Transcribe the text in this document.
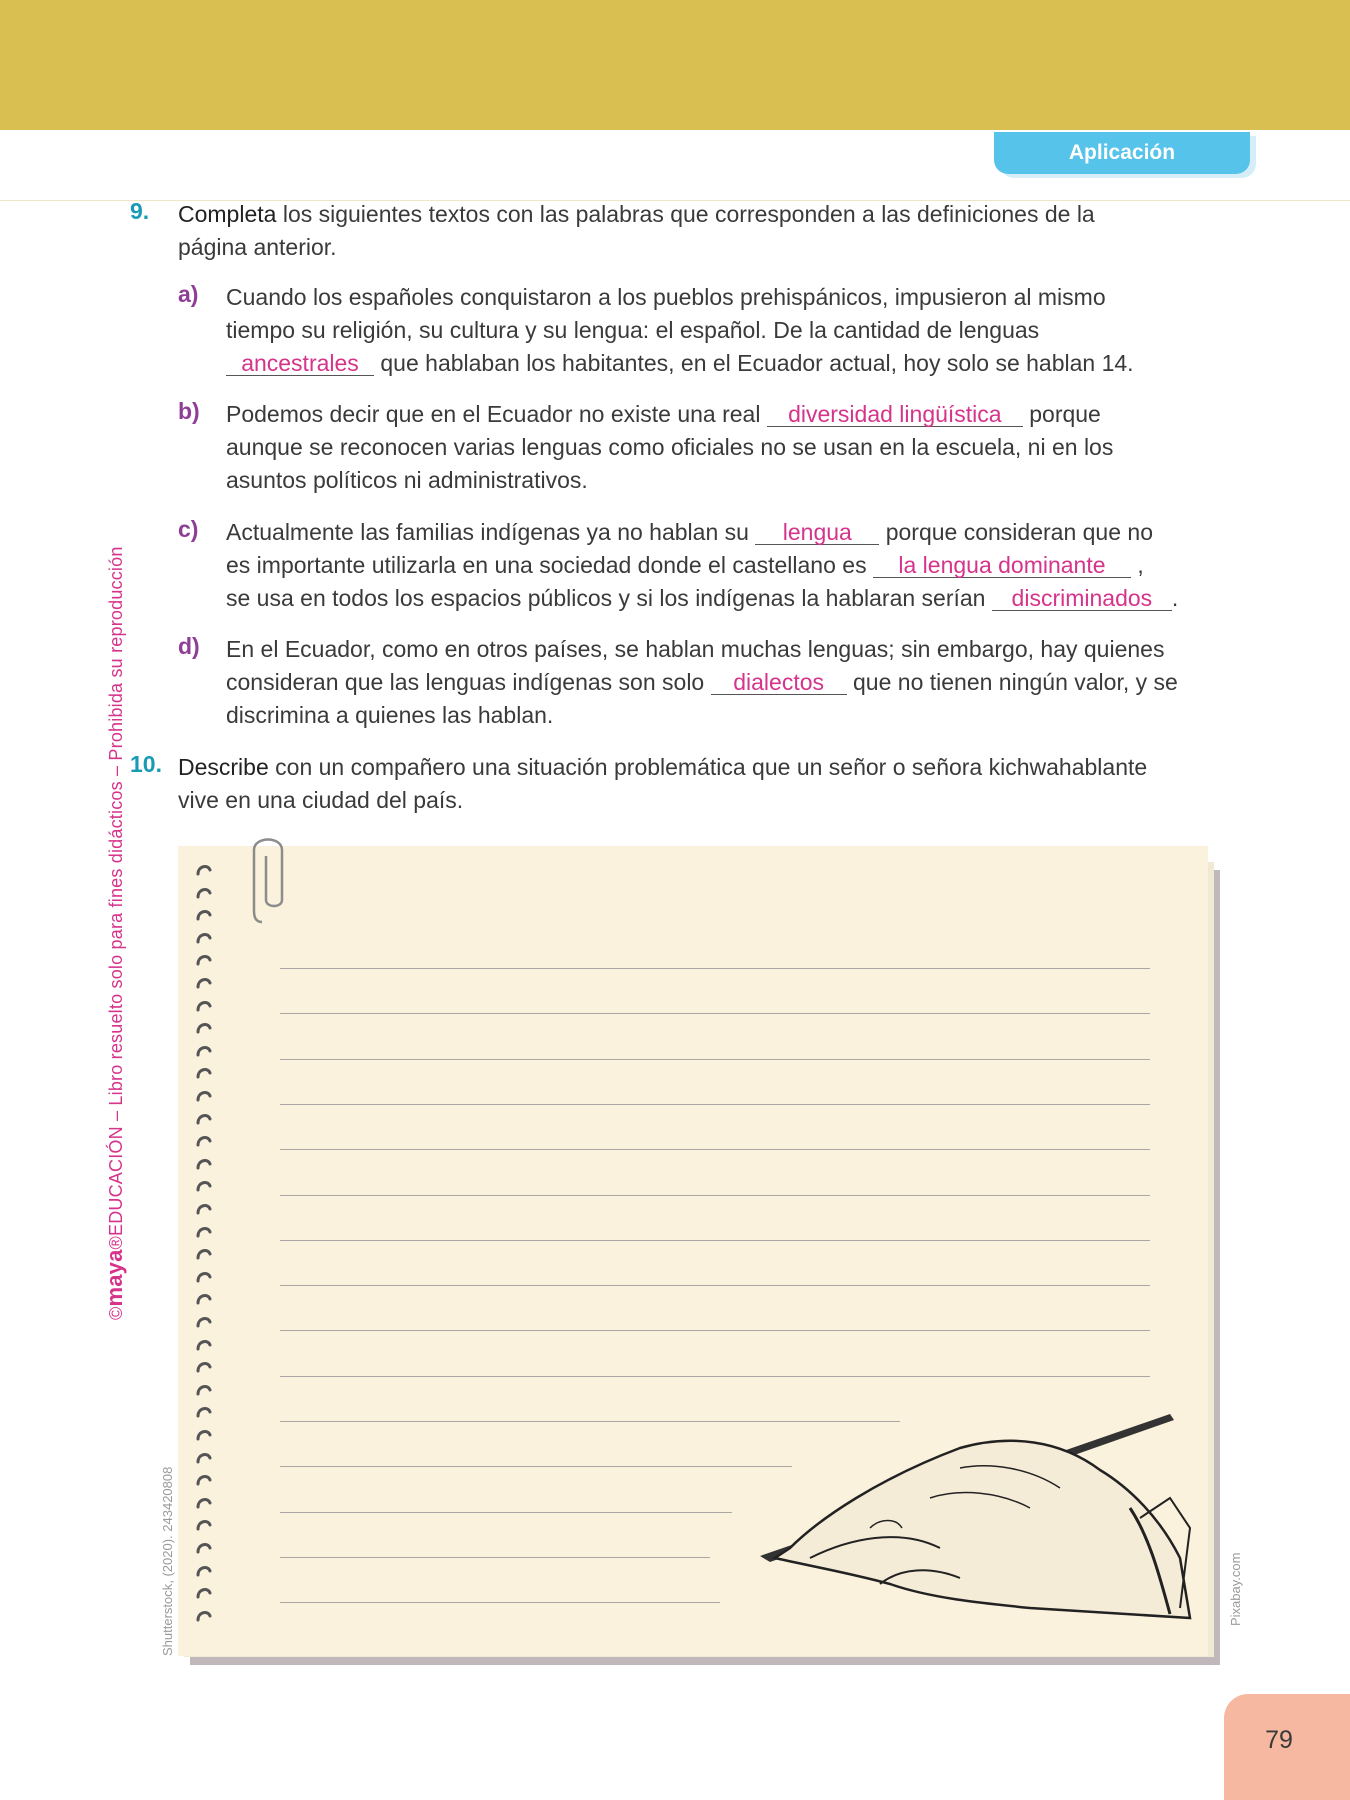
Aplicación
©maya®EDUCACIÓN – Libro resuelto solo para fines didácticos – Prohibida su reproducción
9. Completa los siguientes textos con las palabras que corresponden a las definiciones de la
página anterior.
a) Cuando los españoles conquistaron a los pueblos prehispánicos, impusieron al mismo
tiempo su religión, su cultura y su lengua: el español. De la cantidad de lenguas
ancestrales que hablaban los habitantes, en el Ecuador actual, hoy solo se hablan 14.
b) Podemos decir que en el Ecuador no existe una real diversidad lingüística porque
aunque se reconocen varias lenguas como oficiales no se usan en la escuela, ni en los
asuntos políticos ni administrativos.
c) Actualmente las familias indígenas ya no hablan su lengua porque consideran que no
es importante utilizarla en una sociedad donde el castellano es la lengua dominante ,
se usa en todos los espacios públicos y si los indígenas la hablaran serían discriminados .
d) En el Ecuador, como en otros países, se hablan muchas lenguas; sin embargo, hay quienes
consideran que las lenguas indígenas son solo dialectos que no tienen ningún valor, y se
discrimina a quienes las hablan.
10. Describe con un compañero una situación problemática que un señor o señora kichwahablante
vive en una ciudad del país.
Shutterstock, (2020). 243420808	Pixabay.com
79
